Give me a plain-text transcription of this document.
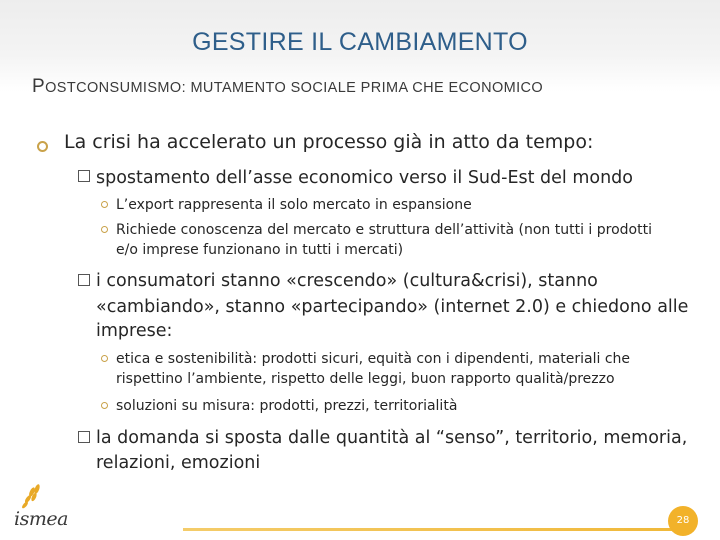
GESTIRE IL CAMBIAMENTO
POSTCONSUMISMO: MUTAMENTO SOCIALE PRIMA CHE ECONOMICO
La crisi ha accelerato un processo già in atto da tempo:
spostamento dell’asse economico verso il Sud-Est del mondo
L’export rappresenta il solo mercato in espansione
Richiede conoscenza del mercato e struttura dell’attività (non tutti i prodotti
e/o imprese funzionano in tutti i mercati)
i consumatori stanno «crescendo» (cultura&crisi), stanno
«cambiando», stanno «partecipando» (internet 2.0) e chiedono alle
imprese:
etica e sostenibilità: prodotti sicuri, equità con i dipendenti, materiali che
rispettino l’ambiente, rispetto delle leggi, buon rapporto qualità/prezzo
soluzioni su misura: prodotti, prezzi, territorialità
la domanda si sposta dalle quantità al “senso”, territorio, memoria,
relazioni, emozioni
ismea	28
